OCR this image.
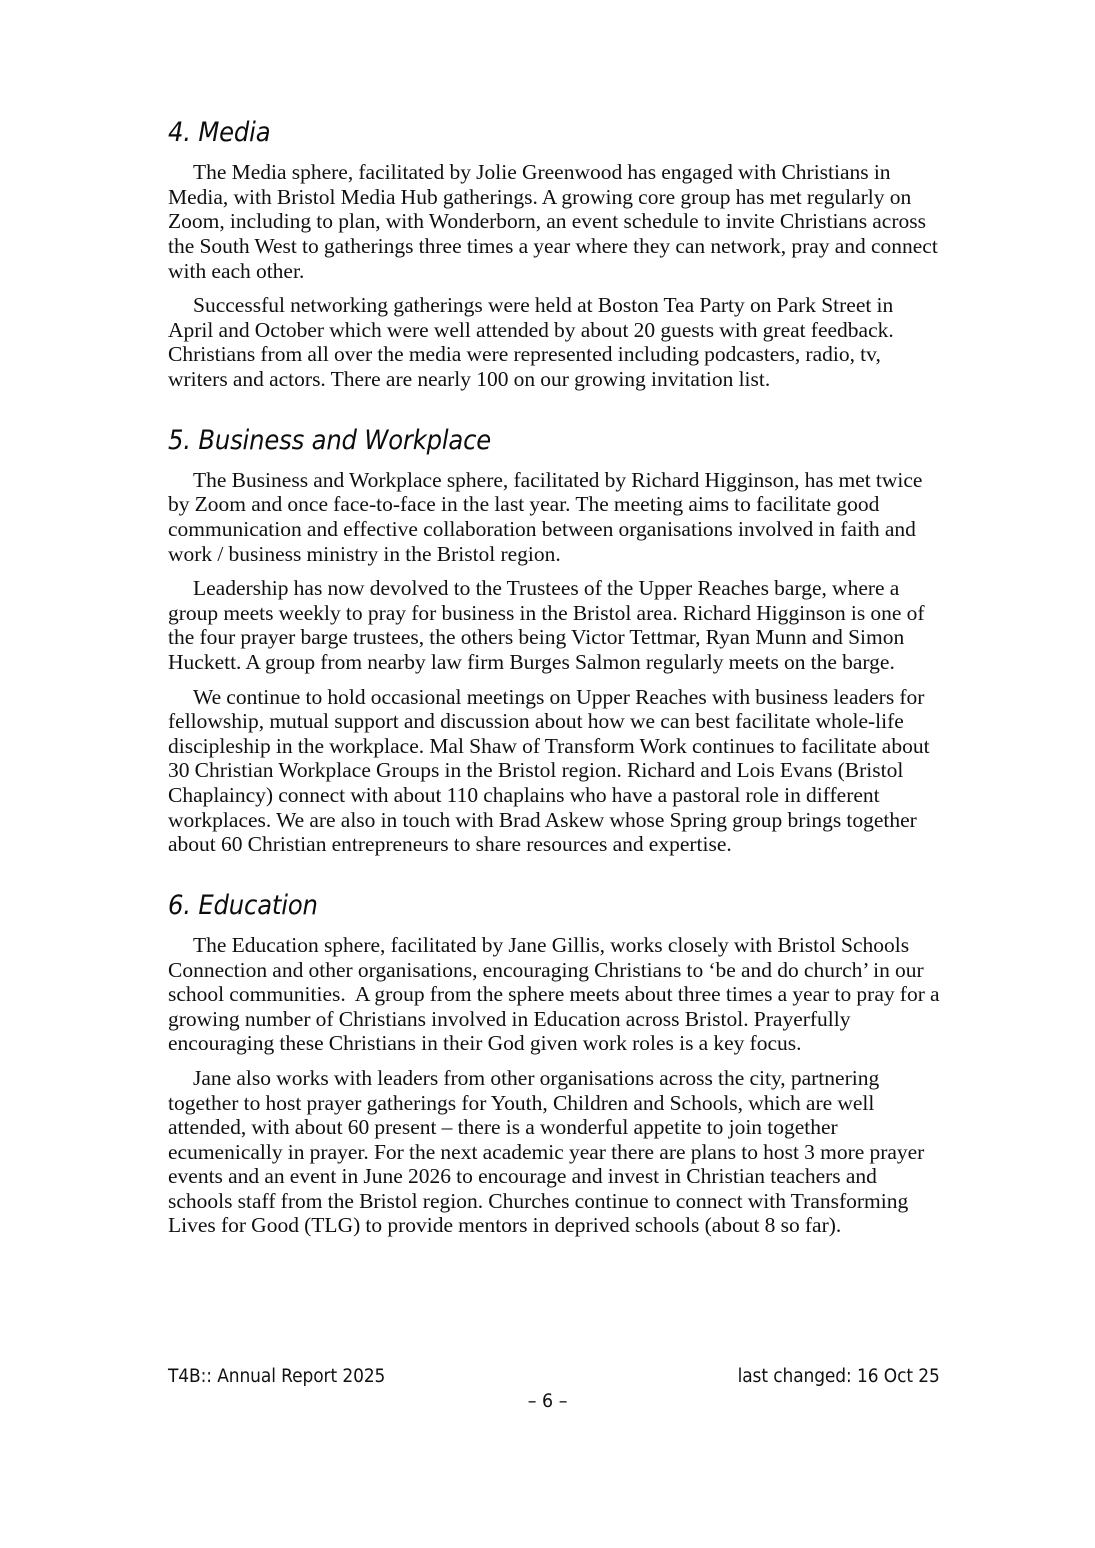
4. Media

The Media sphere, facilitated by Jolie Greenwood has engaged with Christians in Media, with Bristol Media Hub gatherings. A growing core group has met regularly on Zoom, including to plan, with Wonderborn, an event schedule to invite Christians across the South West to gatherings three times a year where they can network, pray and connect with each other.

Successful networking gatherings were held at Boston Tea Party on Park Street in April and October which were well attended by about 20 guests with great feedback. Christians from all over the media were represented including podcasters, radio, tv, writers and actors. There are nearly 100 on our growing invitation list.

5. Business and Workplace

The Business and Workplace sphere, facilitated by Richard Higginson, has met twice by Zoom and once face-to-face in the last year. The meeting aims to facilitate good communication and effective collaboration between organisations involved in faith and work / business ministry in the Bristol region.

Leadership has now devolved to the Trustees of the Upper Reaches barge, where a group meets weekly to pray for business in the Bristol area. Richard Higginson is one of the four prayer barge trustees, the others being Victor Tettmar, Ryan Munn and Simon Huckett. A group from nearby law firm Burges Salmon regularly meets on the barge.

We continue to hold occasional meetings on Upper Reaches with business leaders for fellowship, mutual support and discussion about how we can best facilitate whole-life discipleship in the workplace. Mal Shaw of Transform Work continues to facilitate about 30 Christian Workplace Groups in the Bristol region. Richard and Lois Evans (Bristol Chaplaincy) connect with about 110 chaplains who have a pastoral role in different workplaces. We are also in touch with Brad Askew whose Spring group brings together about 60 Christian entrepreneurs to share resources and expertise.

6. Education

The Education sphere, facilitated by Jane Gillis, works closely with Bristol Schools Connection and other organisations, encouraging Christians to ‘be and do church’ in our school communities.  A group from the sphere meets about three times a year to pray for a growing number of Christians involved in Education across Bristol. Prayerfully encouraging these Christians in their God given work roles is a key focus.

Jane also works with leaders from other organisations across the city, partnering together to host prayer gatherings for Youth, Children and Schools, which are well attended, with about 60 present – there is a wonderful appetite to join together ecumenically in prayer. For the next academic year there are plans to host 3 more prayer events and an event in June 2026 to encourage and invest in Christian teachers and schools staff from the Bristol region. Churches continue to connect with Transforming Lives for Good (TLG) to provide mentors in deprived schools (about 8 so far).

T4B:: Annual Report 2025	last changed: 16 Oct 25
– 6 –
